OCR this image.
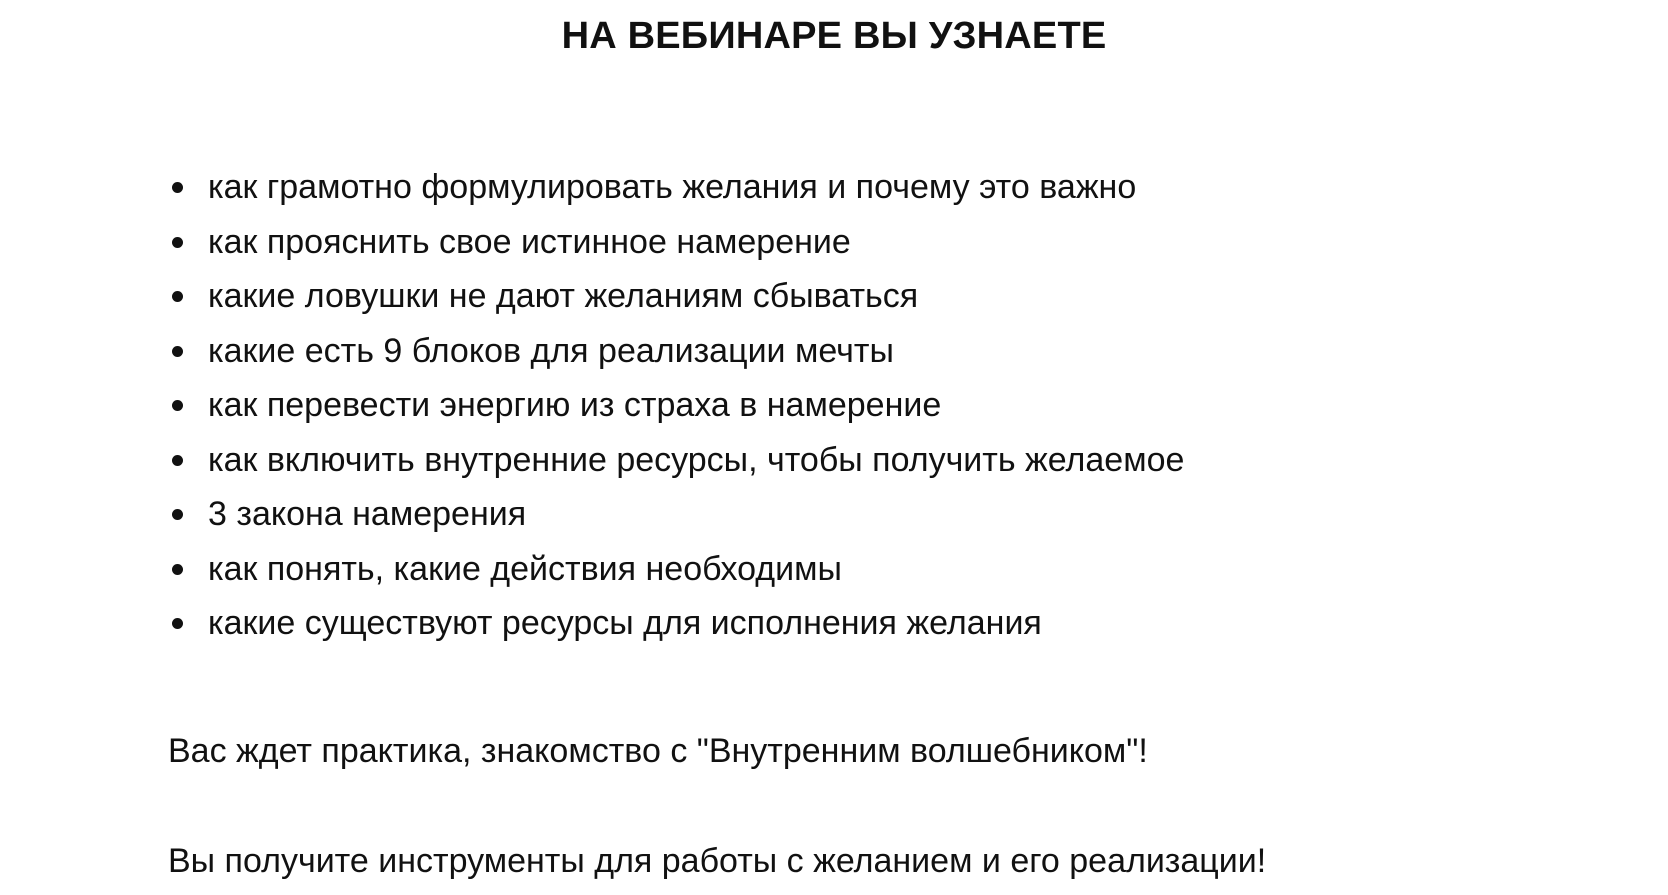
НА ВЕБИНАРЕ ВЫ УЗНАЕТЕ
как грамотно формулировать желания и почему это важно
как прояснить свое истинное намерение
какие ловушки не дают желаниям сбываться
какие есть 9 блоков для реализации мечты
как перевести энергию из страха в намерение
как включить внутренние ресурсы, чтобы получить желаемое
3 закона намерения
как понять, какие действия необходимы
какие существуют ресурсы для исполнения желания

Вас ждет практика, знакомство с "Внутренним волшебником"!

Вы получите инструменты для работы с желанием и его реализации!
